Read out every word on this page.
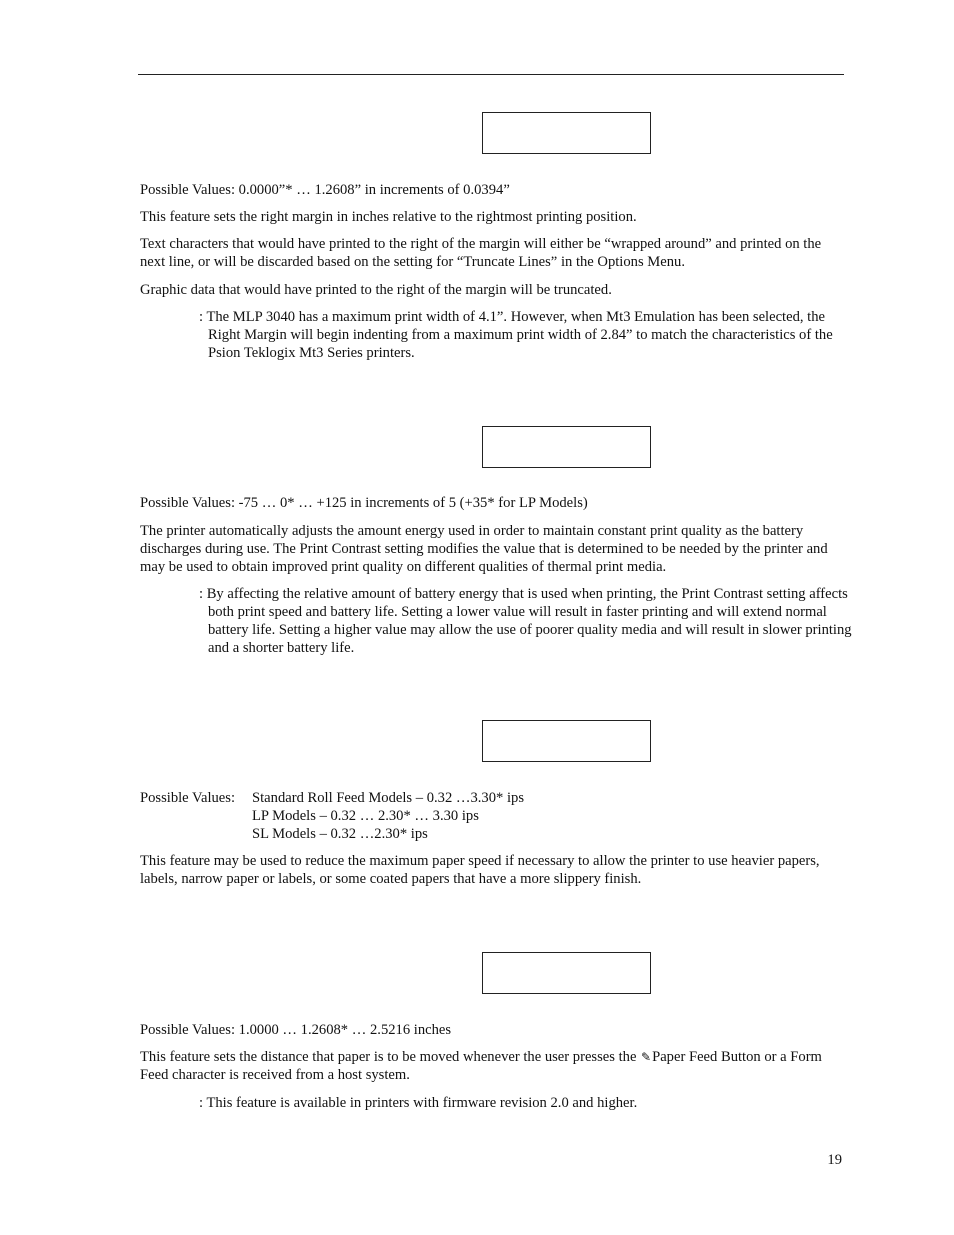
Possible Values: 0.0000”* … 1.2608” in increments of 0.0394”

This feature sets the right margin in inches relative to the rightmost printing position.

Text characters that would have printed to the right of the margin will either be “wrapped around” and printed on the next line, or will be discarded based on the setting for “Truncate Lines” in the Options Menu.

Graphic data that would have printed to the right of the margin will be truncated.

: The MLP 3040 has a maximum print width of 4.1”. However, when Mt3 Emulation has been selected, the Right Margin will begin indenting from a maximum print width of 2.84” to match the characteristics of the Psion Teklogix Mt3 Series printers.

Possible Values: -75 … 0* … +125 in increments of 5 (+35* for LP Models)

The printer automatically adjusts the amount energy used in order to maintain constant print quality as the battery discharges during use. The Print Contrast setting modifies the value that is determined to be needed by the printer and may be used to obtain improved print quality on different qualities of thermal print media.

: By affecting the relative amount of battery energy that is used when printing, the Print Contrast setting affects both print speed and battery life. Setting a lower value will result in faster printing and will extend normal battery life. Setting a higher value may allow the use of poorer quality media and will result in slower printing and a shorter battery life.

Possible Values: Standard Roll Feed Models – 0.32 …3.30* ips
LP Models – 0.32 … 2.30* … 3.30 ips
SL Models – 0.32 …2.30* ips

This feature may be used to reduce the maximum paper speed if necessary to allow the printer to use heavier papers, labels, narrow paper or labels, or some coated papers that have a more slippery finish.

Possible Values: 1.0000 … 1.2608* … 2.5216 inches

This feature sets the distance that paper is to be moved whenever the user presses the ✎Paper Feed Button or a Form Feed character is received from a host system.

: This feature is available in printers with firmware revision 2.0 and higher.

19
